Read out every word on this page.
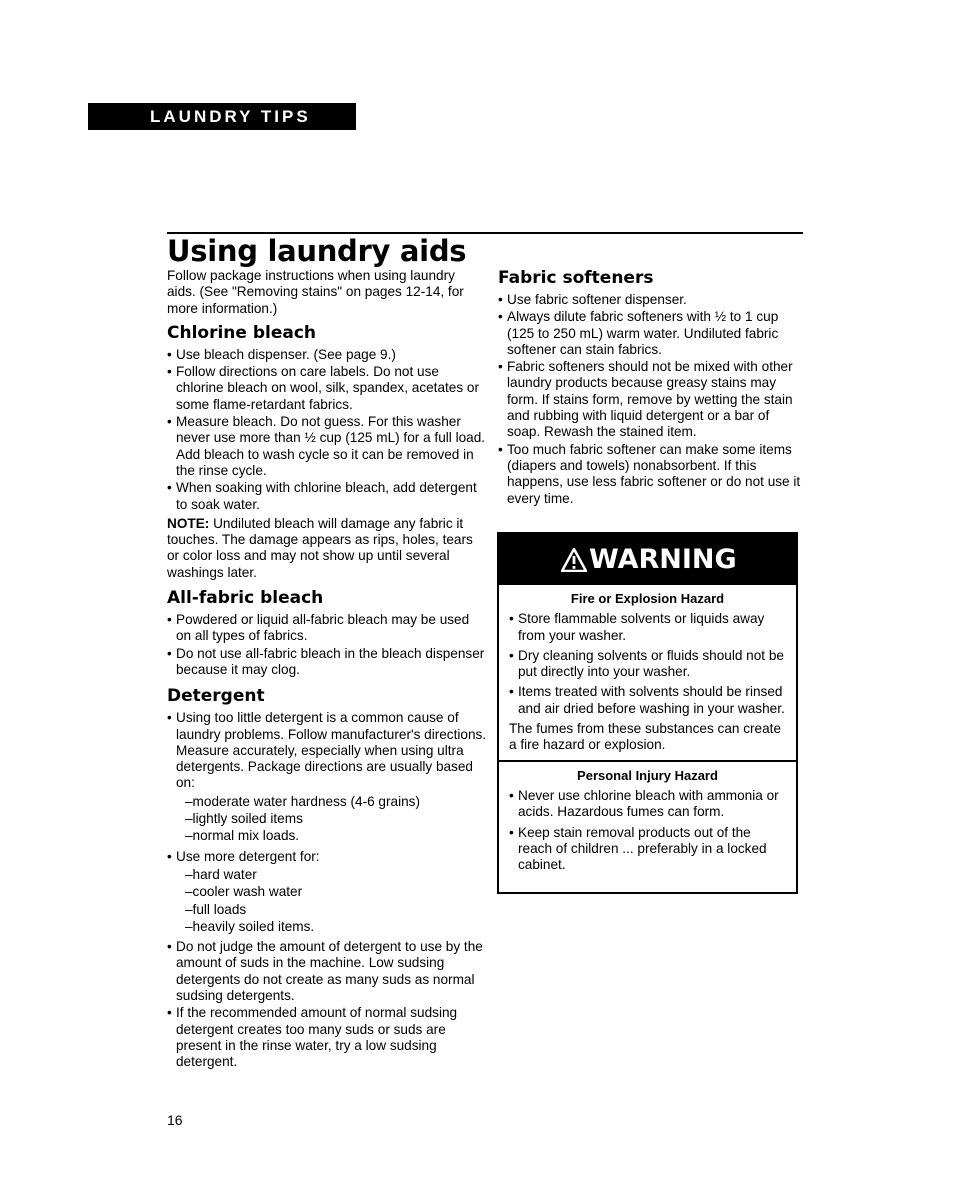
LAUNDRY TIPS
Using laundry aids

Follow package instructions when using laundry aids. (See "Removing stains" on pages 12-14, for more information.)

Chlorine bleach
• Use bleach dispenser. (See page 9.)
• Follow directions on care labels. Do not use chlorine bleach on wool, silk, spandex, acetates or some flame-retardant fabrics.
• Measure bleach. Do not guess. For this washer never use more than ½ cup (125 mL) for a full load. Add bleach to wash cycle so it can be removed in the rinse cycle.
• When soaking with chlorine bleach, add detergent to soak water.

NOTE: Undiluted bleach will damage any fabric it touches. The damage appears as rips, holes, tears or color loss and may not show up until several washings later.

All-fabric bleach
• Powdered or liquid all-fabric bleach may be used on all types of fabrics.
• Do not use all-fabric bleach in the bleach dispenser because it may clog.
Detergent
• Using too little detergent is a common cause of laundry problems. Follow manufacturer's directions. Measure accurately, especially when using ultra detergents. Package directions are usually based on:
–moderate water hardness (4-6 grains)
–lightly soiled items
–normal mix loads.
• Use more detergent for:
–hard water
–cooler wash water
–full loads
–heavily soiled items.
• Do not judge the amount of detergent to use by the amount of suds in the machine. Low sudsing detergents do not create as many suds as normal sudsing detergents.
• If the recommended amount of normal sudsing detergent creates too many suds or suds are present in the rinse water, try a low sudsing detergent.
Fabric softeners
• Use fabric softener dispenser.
• Always dilute fabric softeners with ½ to 1 cup (125 to 250 mL) warm water. Undiluted fabric softener can stain fabrics.
• Fabric softeners should not be mixed with other laundry products because greasy stains may form. If stains form, remove by wetting the stain and rubbing with liquid detergent or a bar of soap. Rewash the stained item.
• Too much fabric softener can make some items (diapers and towels) nonabsorbent. If this happens, use less fabric softener or do not use it every time.
WARNING
Fire or Explosion Hazard
• Store flammable solvents or liquids away from your washer.
• Dry cleaning solvents or fluids should not be put directly into your washer.
• Items treated with solvents should be rinsed and air dried before washing in your washer.

The fumes from these substances can create a fire hazard or explosion.

Personal Injury Hazard
• Never use chlorine bleach with ammonia or acids. Hazardous fumes can form.
• Keep stain removal products out of the reach of children ... preferably in a locked cabinet.
16
